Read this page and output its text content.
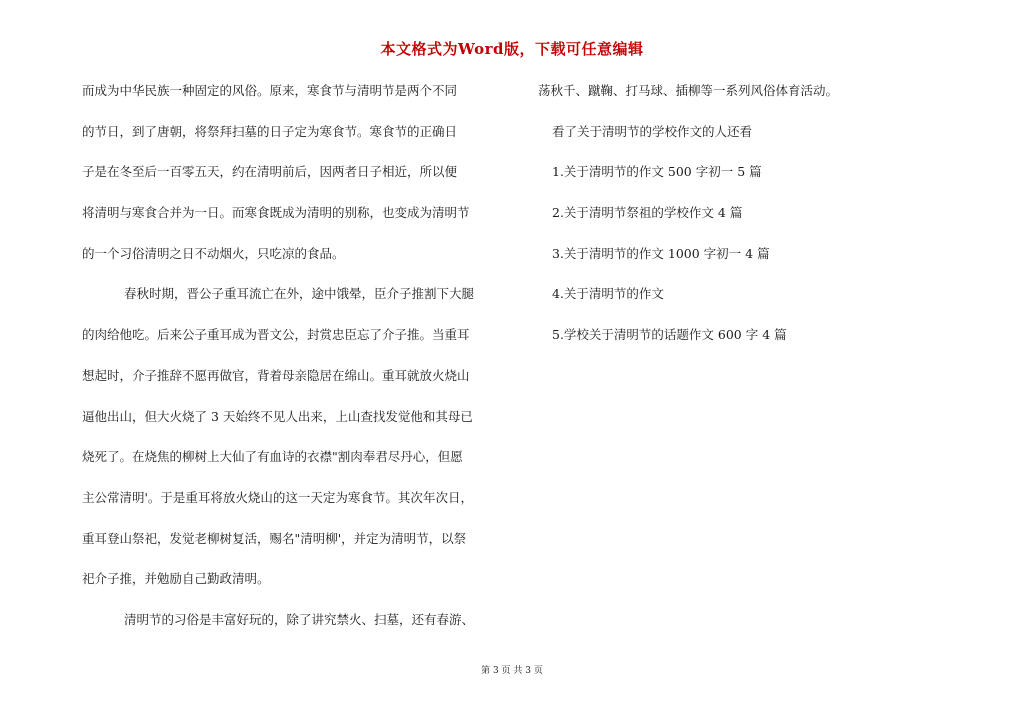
本文格式为Word版，下载可任意编辑
而成为中华民族一种固定的风俗。原来，寒食节与清明节是两个不同
的节日，到了唐朝，将祭拜扫墓的日子定为寒食节。寒食节的正确日
子是在冬至后一百零五天，约在清明前后，因两者日子相近，所以便
将清明与寒食合并为一日。而寒食既成为清明的别称，也变成为清明节
的一个习俗清明之日不动烟火，只吃凉的食品。
春秋时期，晋公子重耳流亡在外，途中饿晕，臣介子推割下大腿
的肉给他吃。后来公子重耳成为晋文公，封赏忠臣忘了介子推。当重耳
想起时，介子推辞不愿再做官，背着母亲隐居在绵山。重耳就放火烧山
逼他出山，但大火烧了 3 天始终不见人出来，上山查找发觉他和其母已
烧死了。在烧焦的柳树上大仙了有血诗的衣襟"割肉奉君尽丹心，但愿
主公常清明'。于是重耳将放火烧山的这一天定为寒食节。其次年次日，
重耳登山祭祀，发觉老柳树复活，赐名"清明柳'，并定为清明节，以祭
祀介子推，并勉励自己勤政清明。
清明节的习俗是丰富好玩的，除了讲究禁火、扫墓，还有春游、
荡秋千、蹴鞠、打马球、插柳等一系列风俗体育活动。
看了关于清明节的学校作文的人还看
1.关于清明节的作文 500 字初一 5 篇
2.关于清明节祭祖的学校作文 4 篇
3.关于清明节的作文 1000 字初一 4 篇
4.关于清明节的作文
5.学校关于清明节的话题作文 600 字 4 篇
第 3 页 共 3 页
